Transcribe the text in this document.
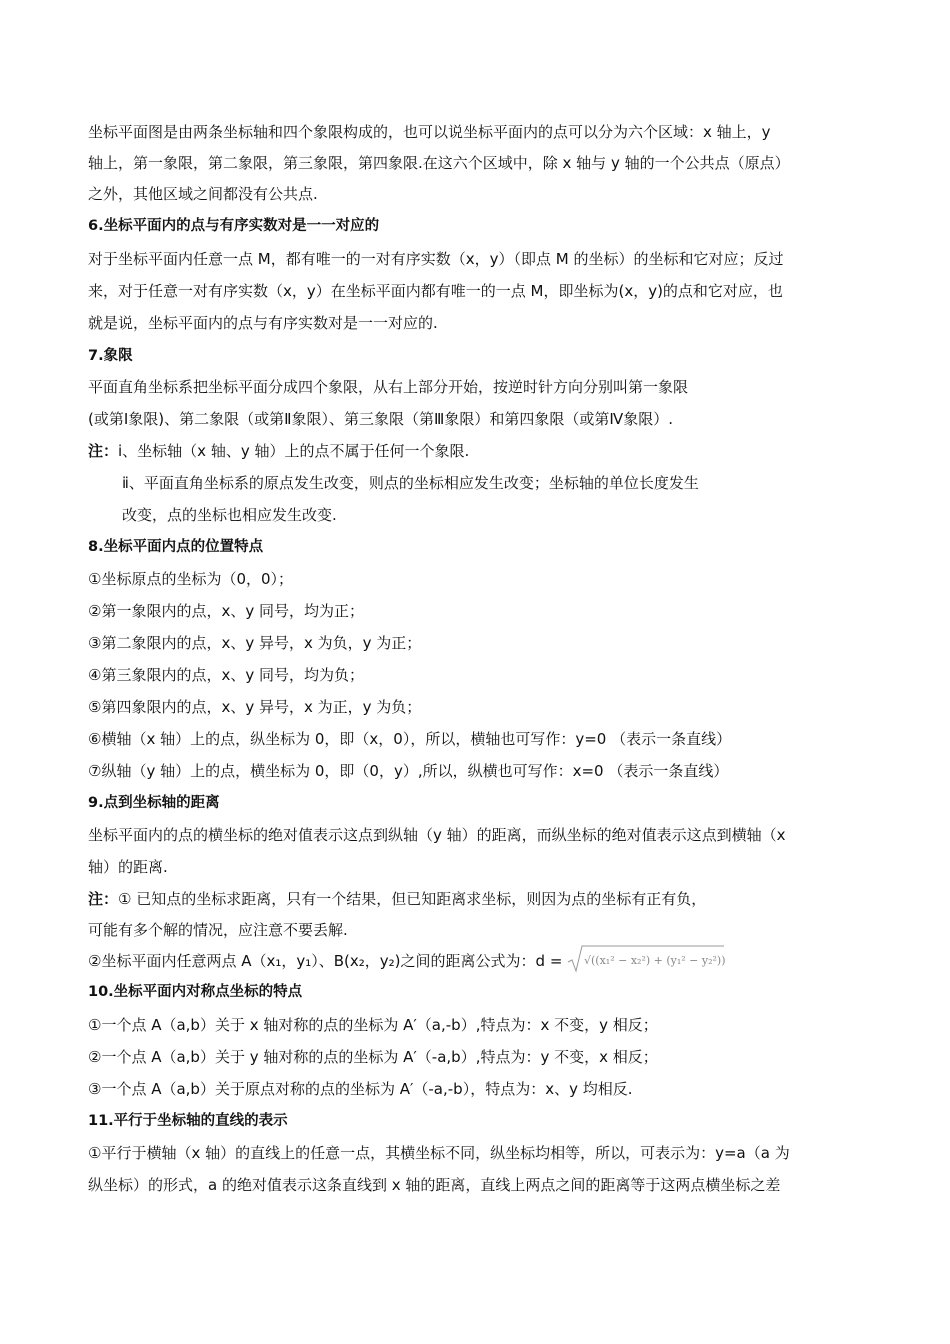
坐标平面图是由两条坐标轴和四个象限构成的，也可以说坐标平面内的点可以分为六个区域：x 轴上，y
轴上，第一象限，第二象限，第三象限，第四象限.在这六个区域中，除 x 轴与 y 轴的一个公共点（原点）
之外，其他区域之间都没有公共点.
6.坐标平面内的点与有序实数对是一一对应的
对于坐标平面内任意一点 M，都有唯一的一对有序实数（x，y）（即点 M 的坐标）的坐标和它对应；反过
来，对于任意一对有序实数（x，y）在坐标平面内都有唯一的一点 M，即坐标为(x，y)的点和它对应，也
就是说，坐标平面内的点与有序实数对是一一对应的.
7.象限
平面直角坐标系把坐标平面分成四个象限，从右上部分开始，按逆时针方向分别叫第一象限
(或第Ⅰ象限)、第二象限（或第Ⅱ象限）、第三象限（第Ⅲ象限）和第四象限（或第Ⅳ象限）.
注：ⅰ、坐标轴（x 轴、y 轴）上的点不属于任何一个象限.
ⅱ、平面直角坐标系的原点发生改变，则点的坐标相应发生改变；坐标轴的单位长度发生
改变，点的坐标也相应发生改变.
8.坐标平面内点的位置特点
①坐标原点的坐标为（0，0）；
②第一象限内的点，x、y 同号，均为正；
③第二象限内的点，x、y 异号，x 为负，y 为正；
④第三象限内的点，x、y 同号，均为负；
⑤第四象限内的点，x、y 异号，x 为正，y 为负；
⑥横轴（x 轴）上的点，纵坐标为 0，即（x，0），所以，横轴也可写作：y=0 （表示一条直线）
⑦纵轴（y 轴）上的点，横坐标为 0，即（0，y）,所以，纵横也可写作：x=0 （表示一条直线）
9.点到坐标轴的距离
坐标平面内的点的横坐标的绝对值表示这点到纵轴（y 轴）的距离，而纵坐标的绝对值表示这点到横轴（x
轴）的距离.
注：① 已知点的坐标求距离，只有一个结果，但已知距离求坐标，则因为点的坐标有正有负，
可能有多个解的情况，应注意不要丢解.
②坐标平面内任意两点 A（x₁，y₁）、B(x₂，y₂)之间的距离公式为：d = √((x₁² − x₂²) + (y₁² − y₂²))
10.坐标平面内对称点坐标的特点
①一个点 A（a,b）关于 x 轴对称的点的坐标为 A′（a,-b）,特点为：x 不变，y 相反；
②一个点 A（a,b）关于 y 轴对称的点的坐标为 A′（-a,b）,特点为：y 不变，x 相反；
③一个点 A（a,b）关于原点对称的点的坐标为 A′（-a,-b），特点为：x、y 均相反.
11.平行于坐标轴的直线的表示
①平行于横轴（x 轴）的直线上的任意一点，其横坐标不同，纵坐标均相等，所以，可表示为：y=a（a 为
纵坐标）的形式，a 的绝对值表示这条直线到 x 轴的距离，直线上两点之间的距离等于这两点横坐标之差
